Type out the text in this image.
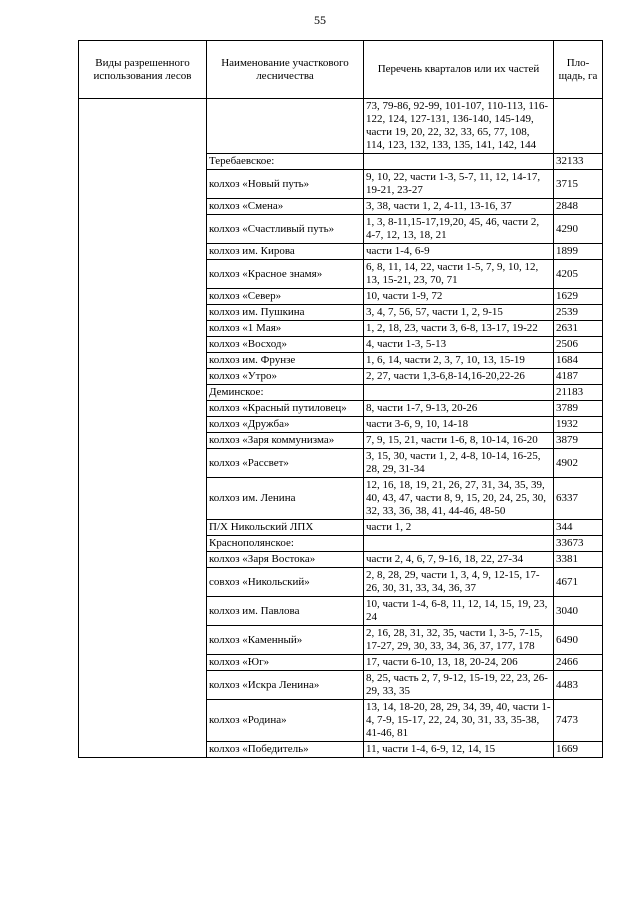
55
Виды разрешенного использования лесов	Наименование участкового лесничества	Перечень кварталов или их частей	Пло-щадь, га
		73, 79-86, 92-99, 101-107, 110-113, 116-122, 124, 127-131, 136-140, 145-149, части 19, 20, 22, 32, 33, 65, 77, 108, 114, 123, 132, 133, 135, 141, 142, 144	
	Теребаевское:		32133
	колхоз «Новый путь»	9, 10, 22, части 1-3, 5-7, 11, 12, 14-17, 19-21, 23-27	3715
	колхоз «Смена»	3, 38, части 1, 2, 4-11, 13-16, 37	2848
	колхоз «Счастливый путь»	1, 3, 8-11,15-17,19,20, 45, 46, части 2, 4-7, 12, 13, 18, 21	4290
	колхоз им. Кирова	части 1-4, 6-9	1899
	колхоз «Красное знамя»	6, 8, 11, 14, 22, части 1-5, 7, 9, 10, 12, 13, 15-21, 23, 70, 71	4205
	колхоз «Север»	10, части 1-9, 72	1629
	колхоз им. Пушкина	3, 4, 7, 56, 57, части 1, 2, 9-15	2539
	колхоз «1 Мая»	1, 2, 18, 23, части 3, 6-8, 13-17, 19-22	2631
	колхоз «Восход»	4, части 1-3, 5-13	2506
	колхоз им. Фрунзе	1, 6, 14, части 2, 3, 7, 10, 13, 15-19	1684
	колхоз «Утро»	2, 27, части 1,3-6,8-14,16-20,22-26	4187
	Деминское:		21183
	колхоз «Красный путиловец»	8, части 1-7, 9-13, 20-26	3789
	колхоз «Дружба»	части 3-6, 9, 10, 14-18	1932
	колхоз «Заря коммунизма»	7, 9, 15, 21, части 1-6, 8, 10-14, 16-20	3879
	колхоз «Рассвет»	3, 15, 30, части 1, 2, 4-8, 10-14, 16-25, 28, 29, 31-34	4902
	колхоз им. Ленина	12, 16, 18, 19, 21, 26, 27, 31, 34, 35, 39, 40, 43, 47, части 8, 9, 15, 20, 24, 25, 30, 32, 33, 36, 38, 41, 44-46, 48-50	6337
	П/Х Никольский ЛПХ	части 1, 2	344
	Краснополянское:		33673
	колхоз «Заря Востока»	части 2, 4, 6, 7, 9-16, 18, 22, 27-34	3381
	совхоз «Никольский»	2, 8, 28, 29, части 1, 3, 4, 9, 12-15, 17-26, 30, 31, 33, 34, 36, 37	4671
	колхоз им. Павлова	10, части 1-4, 6-8, 11, 12, 14, 15, 19, 23, 24	3040
	колхоз «Каменный»	2, 16, 28, 31, 32, 35, части 1, 3-5, 7-15, 17-27, 29, 30, 33, 34, 36, 37, 177, 178	6490
	колхоз «Юг»	17, части 6-10, 13, 18, 20-24, 206	2466
	колхоз «Искра Ленина»	8, 25, часть 2, 7, 9-12, 15-19, 22, 23, 26-29, 33, 35	4483
	колхоз «Родина»	13, 14, 18-20, 28, 29, 34, 39, 40, части 1-4, 7-9, 15-17, 22, 24, 30, 31, 33, 35-38, 41-46, 81	7473
	колхоз «Победитель»	11, части 1-4, 6-9, 12, 14, 15	1669
